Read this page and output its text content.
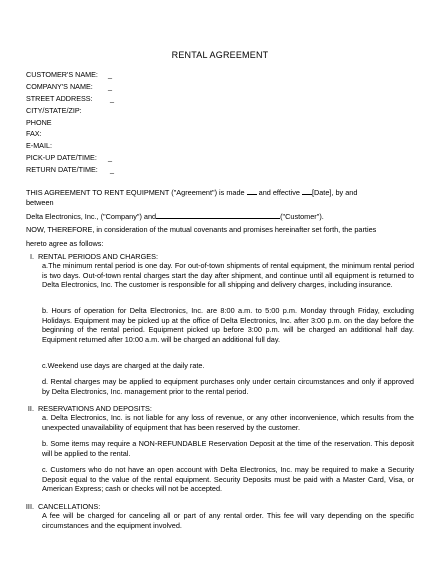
RENTAL AGREEMENT
CUSTOMER'S NAME: _
COMPANY'S NAME: _
STREET ADDRESS: _
CITY/STATE/ZIP:
PHONE
FAX:
E-MAIL:
PICK-UP DATE/TIME: _
RETURN DATE/TIME: _
THIS AGREEMENT TO RENT EQUIPMENT ("Agreement") is made and effective [Date], by and
between
Delta Electronics, Inc., ("Company") and	("Customer").
NOW, THEREFORE, in consideration of the mutual covenants and promises hereinafter set forth, the parties
hereto agree as follows:
I. RENTAL PERIODS AND CHARGES:
a.The minimum rental period is one day. For out-of-town shipments of rental equipment, the minimum rental period is two days. Out-of-town rental charges start the day after shipment, and continue until all equipment is returned to Delta Electronics, Inc. The customer is responsible for all shipping and delivery charges, including insurance.
b. Hours of operation for Delta Electronics, Inc. are 8:00 a.m. to 5:00 p.m. Monday through Friday, excluding Holidays. Equipment may be picked up at the office of Delta Electronics, Inc. after 3:00 p.m. on the day before the beginning of the rental period. Equipment picked up before 3:00 p.m. will be charged an additional half day. Equipment returned after 10:00 a.m. will be charged an additional full day.
c.Weekend use days are charged at the daily rate.
d. Rental charges may be applied to equipment purchases only under certain circumstances and only if approved by Delta Electronics, Inc. management prior to the rental period.
II. RESERVATIONS AND DEPOSITS:
a. Delta Electronics, Inc. is not liable for any loss of revenue, or any other inconvenience, which results from the unexpected unavailability of equipment that has been reserved by the customer.
b. Some items may require a NON-REFUNDABLE Reservation Deposit at the time of the reservation. This deposit will be applied to the rental.
c. Customers who do not have an open account with Delta Electronics, Inc. may be required to make a Security Deposit equal to the value of the rental equipment. Security Deposits must be paid with a Master Card, Visa, or American Express; cash or checks will not be accepted.
III. CANCELLATIONS:
A fee will be charged for canceling all or part of any rental order. This fee will vary depending on the specific circumstances and the equipment involved.
